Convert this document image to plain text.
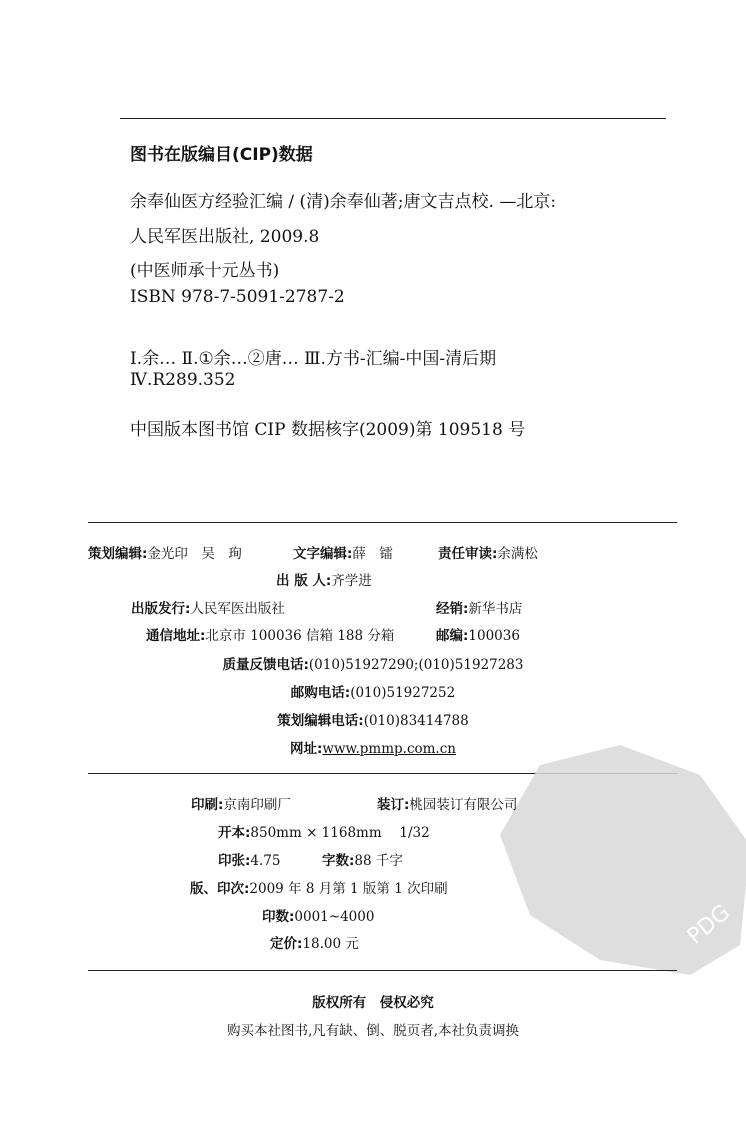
图书在版编目(CIP)数据
余奉仙医方经验汇编 / (清)余奉仙著;唐文吉点校. —北京:
人民军医出版社, 2009.8
(中医师承十元丛书)
ISBN 978-7-5091-2787-2
Ⅰ.余… Ⅱ.①余…②唐… Ⅲ.方书-汇编-中国-清后期
Ⅳ.R289.352
中国版本图书馆 CIP 数据核字(2009)第 109518 号
策划编辑:金光印　吴　珣	文字编辑:薛　镭	责任审读:余满松
出 版 人:齐学进
出版发行:人民军医出版社	经销:新华书店
通信地址:北京市 100036 信箱 188 分箱	邮编:100036
质量反馈电话:(010)51927290;(010)51927283
邮购电话:(010)51927252
策划编辑电话:(010)83414788
网址:www.pmmp.com.cn
PDG
印刷:京南印刷厂	装订:桃园装订有限公司
开本:850mm × 1168mm　 1/32
印张:4.75	字数:88 千字
版、印次:2009 年 8 月第 1 版第 1 次印刷
印数:0001~4000
定价:18.00 元
版权所有　侵权必究
购买本社图书,凡有缺、倒、脱页者,本社负责调换
